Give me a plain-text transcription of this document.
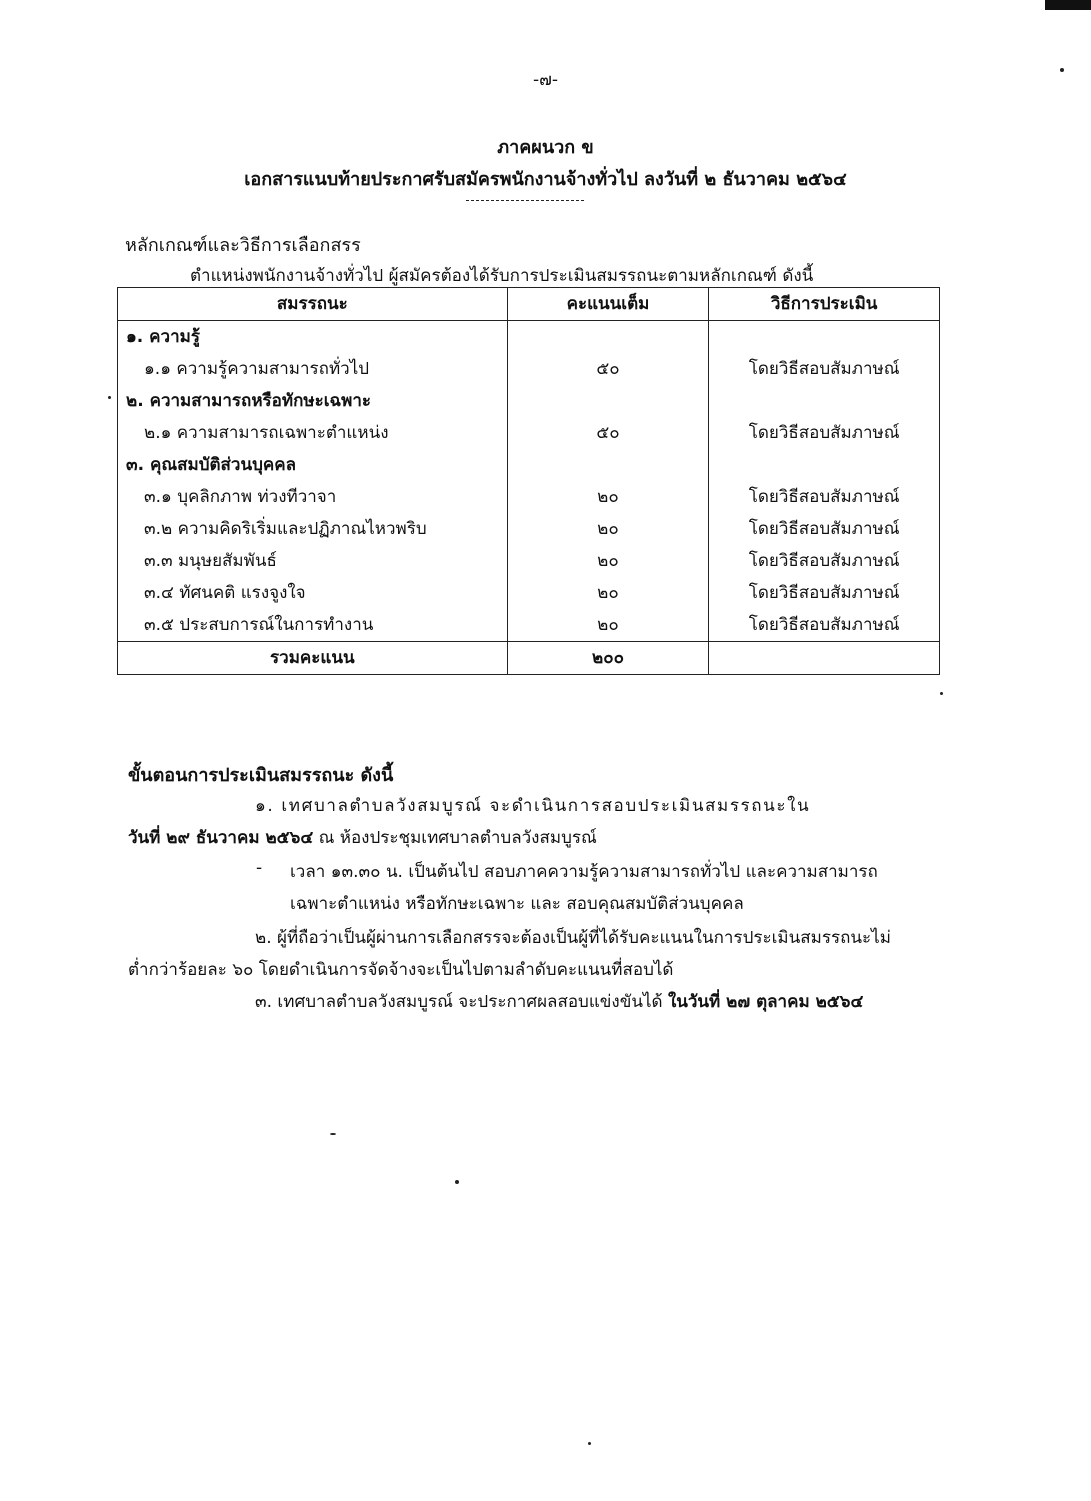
-๗-
ภาคผนวก ข
เอกสารแนบท้ายประกาศรับสมัครพนักงานจ้างทั่วไป ลงวันที่ ๒ ธันวาคม ๒๕๖๔
หลักเกณฑ์และวิธีการเลือกสรร
ตำแหน่งพนักงานจ้างทั่วไป ผู้สมัครต้องได้รับการประเมินสมรรถนะตามหลักเกณฑ์ ดังนี้
สมรรถนะ	คะแนนเต็ม	วิธีการประเมิน
๑. ความรู้		
๑.๑ ความรู้ความสามารถทั่วไป	๕๐	โดยวิธีสอบสัมภาษณ์
๒. ความสามารถหรือทักษะเฉพาะ		
๒.๑ ความสามารถเฉพาะตำแหน่ง	๕๐	โดยวิธีสอบสัมภาษณ์
๓. คุณสมบัติส่วนบุคคล		
๓.๑ บุคลิกภาพ ท่วงทีวาจา	๒๐	โดยวิธีสอบสัมภาษณ์
๓.๒ ความคิดริเริ่มและปฏิภาณไหวพริบ	๒๐	โดยวิธีสอบสัมภาษณ์
๓.๓ มนุษยสัมพันธ์	๒๐	โดยวิธีสอบสัมภาษณ์
๓.๔ ทัศนคติ แรงจูงใจ	๒๐	โดยวิธีสอบสัมภาษณ์
๓.๕ ประสบการณ์ในการทำงาน	๒๐	โดยวิธีสอบสัมภาษณ์
รวมคะแนน	๒๐๐	
ขั้นตอนการประเมินสมรรถนะ ดังนี้
๑. เทศบาลตำบลวังสมบูรณ์ จะดำเนินการสอบประเมินสมรรถนะใน
วันที่ ๒๙ ธันวาคม ๒๕๖๔ ณ ห้องประชุมเทศบาลตำบลวังสมบูรณ์
- เวลา ๑๓.๓๐ น. เป็นต้นไป สอบภาคความรู้ความสามารถทั่วไป และความสามารถ
เฉพาะตำแหน่ง หรือทักษะเฉพาะ และ สอบคุณสมบัติส่วนบุคคล
๒. ผู้ที่ถือว่าเป็นผู้ผ่านการเลือกสรรจะต้องเป็นผู้ที่ได้รับคะแนนในการประเมินสมรรถนะไม่
ต่ำกว่าร้อยละ ๖๐ โดยดำเนินการจัดจ้างจะเป็นไปตามลำดับคะแนนที่สอบได้
๓. เทศบาลตำบลวังสมบูรณ์ จะประกาศผลสอบแข่งขันได้ ในวันที่ ๒๗ ตุลาคม ๒๕๖๔
